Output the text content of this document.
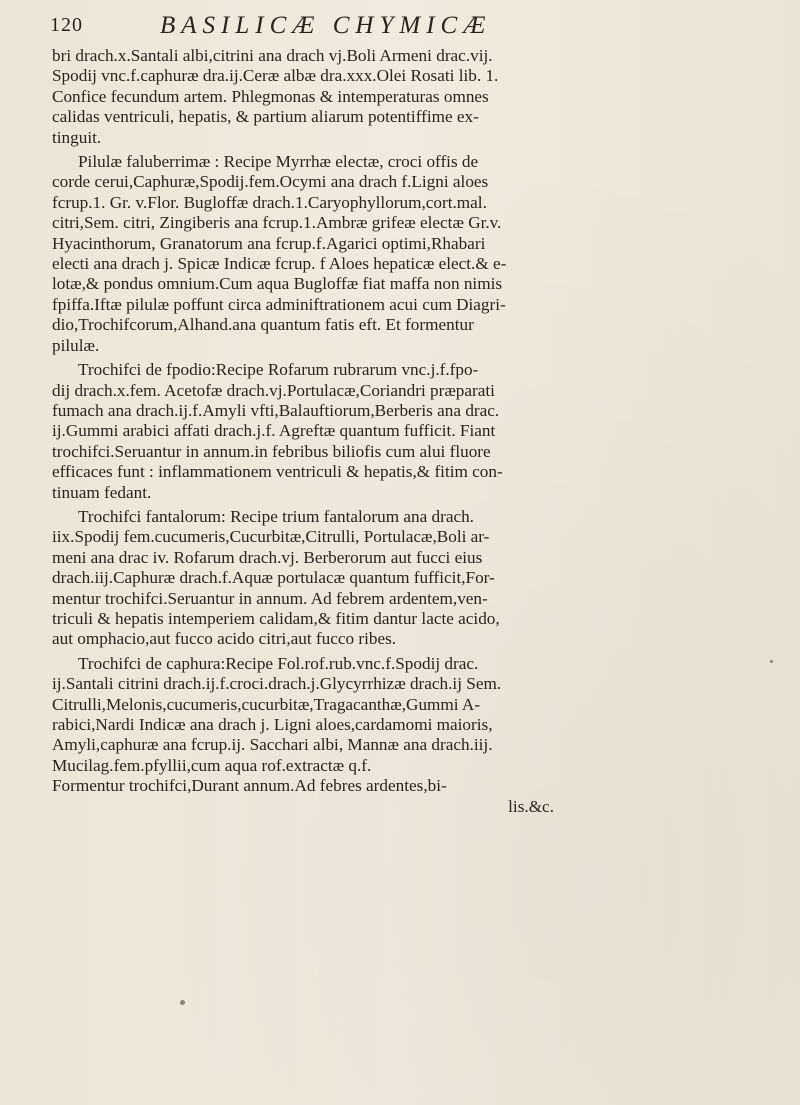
120	BASILICÆ CHYMICÆ

bri drach.x.Santali albi,citrini ana drach vj.Boli Armeni drac.vij.
Spodij vnc.f.caphuræ dra.ij.Ceræ albæ dra.xxx.Olei Rosati lib. 1.
Confice fecundum artem. Phlegmonas & intemperaturas omnes
calidas ventriculi, hepatis, & partium aliarum potentiffime ex-
tinguit.

Pilulæ faluberrimæ : Recipe Myrrhæ electæ, croci offis de
corde cerui,Caphuræ,Spodij.fem.Ocymi ana drach f.Ligni aloes
fcrup.1. Gr. v.Flor. Bugloffæ drach.1.Caryophyllorum,cort.mal.
citri,Sem. citri, Zingiberis ana fcrup.1.Ambræ grifeæ electæ Gr.v.
Hyacinthorum, Granatorum ana fcrup.f.Agarici optimi,Rhabari
electi ana drach j. Spicæ Indicæ fcrup. f Aloes hepaticæ elect.& e-
lotæ,& pondus omnium.Cum aqua Bugloffæ fiat maffa non nimis
fpiffa.Iftæ pilulæ poffunt circa adminiftrationem acui cum Diagri-
dio,Trochifcorum,Alhand.ana quantum fatis eft. Et formentur
pilulæ.

Trochifci de fpodio:Recipe Rofarum rubrarum vnc.j.f.fpo-
dij drach.x.fem. Acetofæ drach.vj.Portulacæ,Coriandri præparati
fumach ana drach.ij.f.Amyli vfti,Balauftiorum,Berberis ana drac.
ij.Gummi arabici affati drach.j.f. Agreftæ quantum fufficit. Fiant
trochifci.Seruantur in annum.in febribus biliofis cum alui fluore
efficaces funt : inflammationem ventriculi & hepatis,& fitim con-
tinuam fedant.

Trochifci fantalorum: Recipe trium fantalorum ana drach.
iix.Spodij fem.cucumeris,Cucurbitæ,Citrulli, Portulacæ,Boli ar-
meni ana drac iv. Rofarum drach.vj. Berberorum aut fucci eius
drach.iij.Caphuræ drach.f.Aquæ portulacæ quantum fufficit,For-
mentur trochifci.Seruantur in annum. Ad febrem ardentem,ven-
triculi & hepatis intemperiem calidam,& fitim dantur lacte acido,
aut omphacio,aut fucco acido citri,aut fucco ribes.

Trochifci de caphura:Recipe Fol.rof.rub.vnc.f.Spodij drac.
ij.Santali citrini drach.ij.f.croci.drach.j.Glycyrrhizæ drach.ij Sem.
Citrulli,Melonis,cucumeris,cucurbitæ,Tragacanthæ,Gummi A-
rabici,Nardi Indicæ ana drach j. Ligni aloes,cardamomi maioris,
Amyli,caphuræ ana fcrup.ij. Sacchari albi, Mannæ ana drach.iij.
Mucilag.fem.pfyllii,cum aqua rof.extractæ q.f.
Formentur trochifci,Durant annum.Ad febres ardentes,bi-
lis.&c.
